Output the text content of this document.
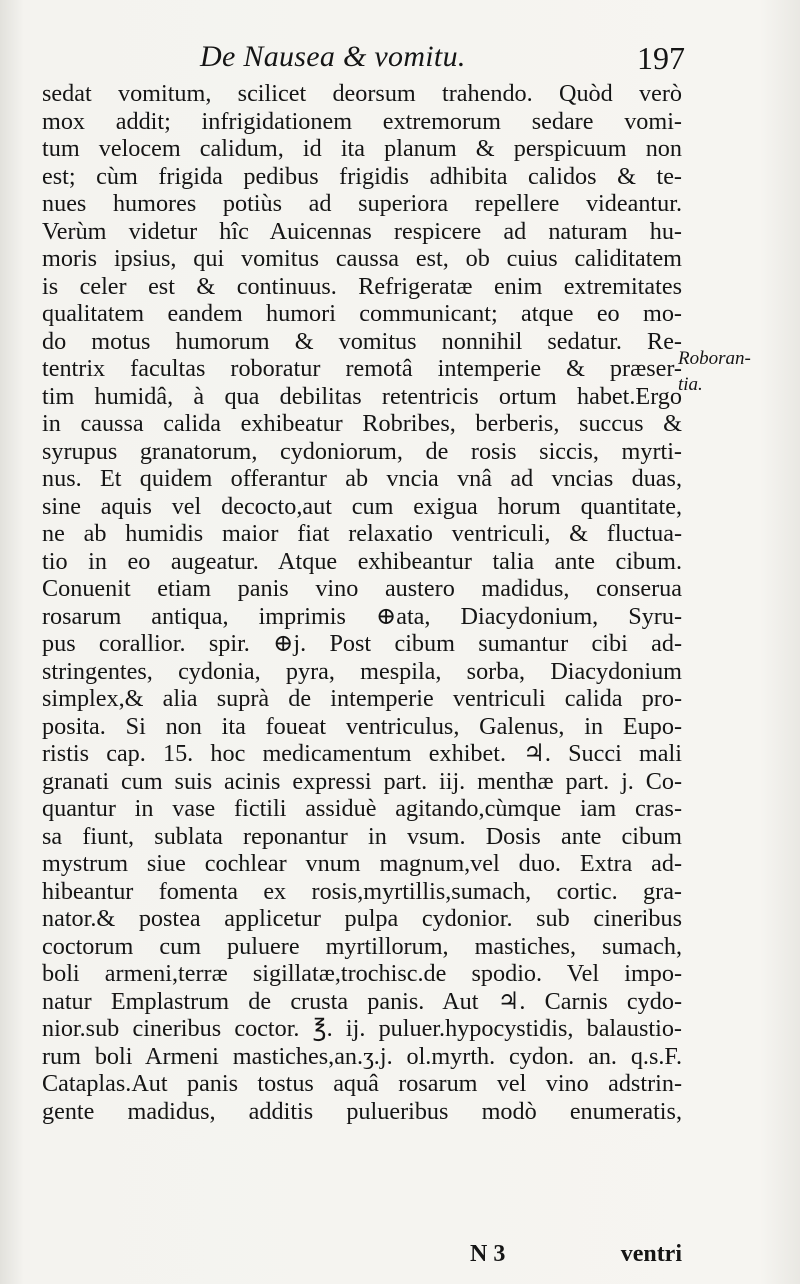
De Nausea & vomitu.	197
sedat vomitum, scilicet deorsum trahendo. Quòd verò
mox addit; infrigidationem extremorum sedare vomi-
tum velocem calidum, id ita planum & perspicuum non
est; cùm frigida pedibus frigidis adhibita calidos & te-
nues humores potiùs ad superiora repellere videantur.
Verùm videtur hîc Auicennas respicere ad naturam hu-
moris ipsius, qui vomitus caussa est, ob cuius caliditatem
is celer est & continuus. Refrigeratæ enim extremitates
qualitatem eandem humori communicant; atque eo mo-
do motus humorum & vomitus nonnihil sedatur. Re-
tentrix facultas roboratur remotâ intemperie & præser-
tim humidâ, à qua debilitas retentricis ortum habet.Ergo
in caussa calida exhibeatur Robribes, berberis, succus &
syrupus granatorum, cydoniorum, de rosis siccis, myrti-
nus. Et quidem offerantur ab vncia vnâ ad vncias duas,
sine aquis vel decocto,aut cum exigua horum quantitate,
ne ab humidis maior fiat relaxatio ventriculi, & fluctua-
tio in eo augeatur. Atque exhibeantur talia ante cibum.
Conuenit etiam panis vino austero madidus, conserua
rosarum antiqua, imprimis ⊕ata, Diacydonium, Syru-
pus corallior. spir. ⊕j. Post cibum sumantur cibi ad-
stringentes, cydonia, pyra, mespila, sorba, Diacydonium
simplex,& alia suprà de intemperie ventriculi calida pro-
posita. Si non ita foueat ventriculus, Galenus, in Eupo-
ristis cap. 15. hoc medicamentum exhibet. ♃. Succi mali
granati cum suis acinis expressi part. iij. menthæ part. j. Co-
quantur in vase fictili assiduè agitando,cùmque iam cras-
sa fiunt, sublata reponantur in vsum. Dosis ante cibum
mystrum siue cochlear vnum magnum,vel duo. Extra ad-
hibeantur fomenta ex rosis,myrtillis,sumach, cortic. gra-
nator.& postea applicetur pulpa cydonior. sub cineribus
coctorum cum puluere myrtillorum, mastiches, sumach,
boli armeni,terræ sigillatæ,trochisc.de spodio. Vel impo-
natur Emplastrum de crusta panis. Aut ♃. Carnis cydo-
nior.sub cineribus coctor. ℥. ij. puluer.hypocystidis, balaustio-
rum boli Armeni mastiches,an.ʒ.j. ol.myrth. cydon. an. q.s.F.
Cataplas.Aut panis tostus aquâ rosarum vel vino adstrin-
gente madidus, additis pulueribus modò enumeratis,
Roboran-
tia.
N 3	ventri
